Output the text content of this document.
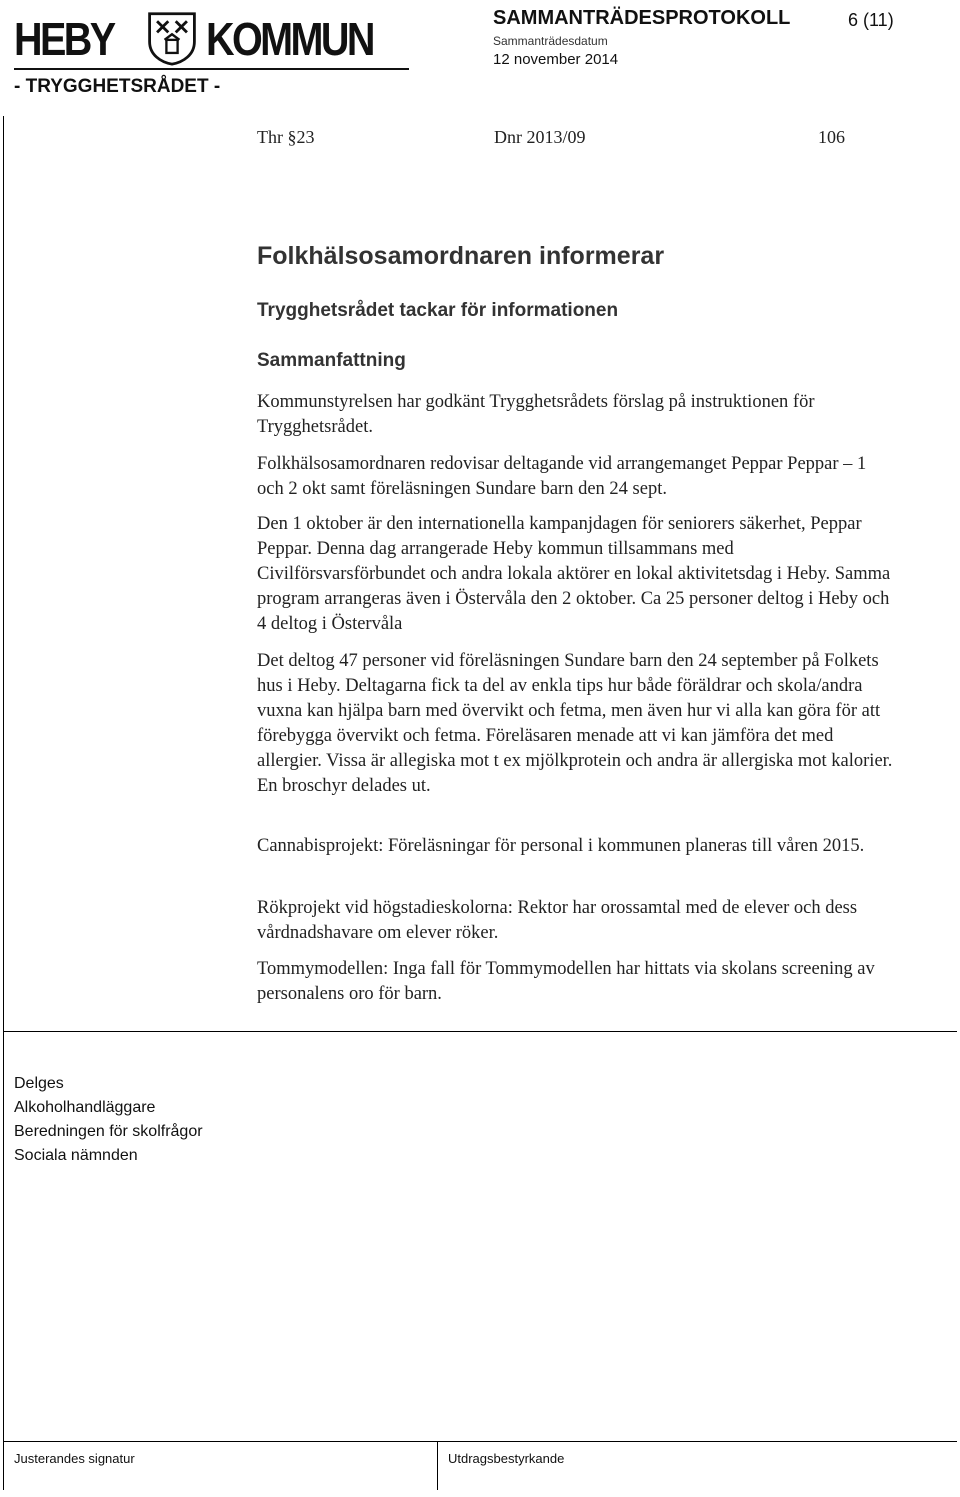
HEBY KOMMUN
- TRYGGHETSRÅDET -
SAMMANTRÄDESPROTOKOLL
Sammanträdesdatum
12 november 2014
6 (11)
Thr §23	Dnr 2013/09	106
Folkhälsosamordnaren informerar
Trygghetsrådet tackar för informationen
Sammanfattning

Kommunstyrelsen har godkänt Trygghetsrådets förslag på instruktionen för Trygghetsrådet.

Folkhälsosamordnaren redovisar deltagande vid arrangemanget Peppar Peppar – 1 och 2 okt samt föreläsningen Sundare barn den 24 sept.

Den 1 oktober är den internationella kampanjdagen för seniorers säkerhet, Peppar Peppar. Denna dag arrangerade Heby kommun tillsammans med Civilförsvarsförbundet och andra lokala aktörer en lokal aktivitetsdag i Heby. Samma program arrangeras även i Östervåla den 2 oktober. Ca 25 personer deltog i Heby och 4 deltog i Östervåla

Det deltog 47 personer vid föreläsningen Sundare barn den 24 september på Folkets hus i Heby. Deltagarna fick ta del av enkla tips hur både föräldrar och skola/andra vuxna kan hjälpa barn med övervikt och fetma, men även hur vi alla kan göra för att förebygga övervikt och fetma. Föreläsaren menade att vi kan jämföra det med allergier. Vissa är allegiska mot t ex mjölkprotein och andra är allergiska mot kalorier. En broschyr delades ut.

Cannabisprojekt: Föreläsningar för personal i kommunen planeras till våren 2015.

Rökprojekt vid högstadieskolorna: Rektor har orossamtal med de elever och dess vårdnadshavare om elever röker.

Tommymodellen: Inga fall för Tommymodellen har hittats via skolans screening av personalens oro för barn.

Delges
Alkoholhandläggare
Beredningen för skolfrågor
Sociala nämnden
Justerandes signatur	Utdragsbestyrkande
